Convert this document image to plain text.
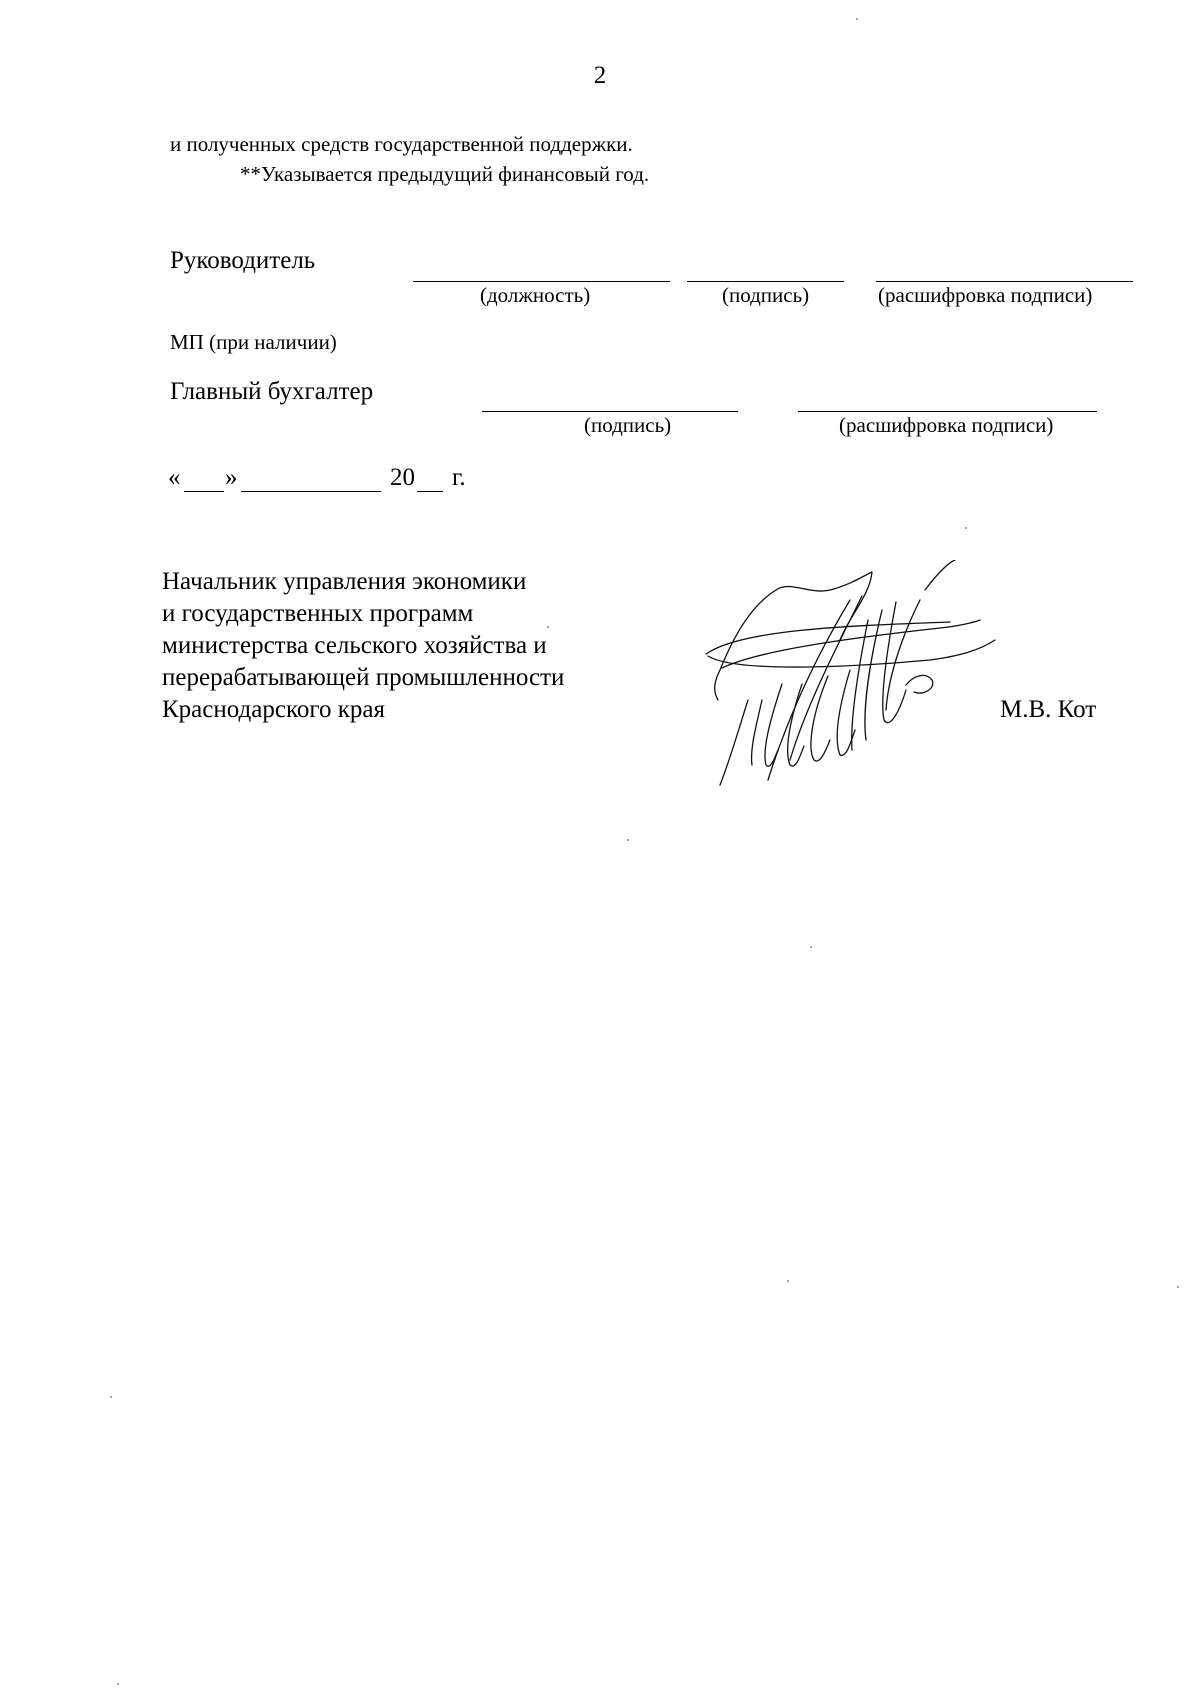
2
и полученных средств государственной поддержки.
**Указывается предыдущий финансовый год.
Руководитель
(должность)	(подпись)	(расшифровка подписи)
МП (при наличии)
Главный бухгалтер
(подпись)	(расшифровка подписи)
« »	20 г.
Начальник управления экономики
и государственных программ
министерства сельского хозяйства и
перерабатывающей промышленности
Краснодарского края	М.В. Кот
